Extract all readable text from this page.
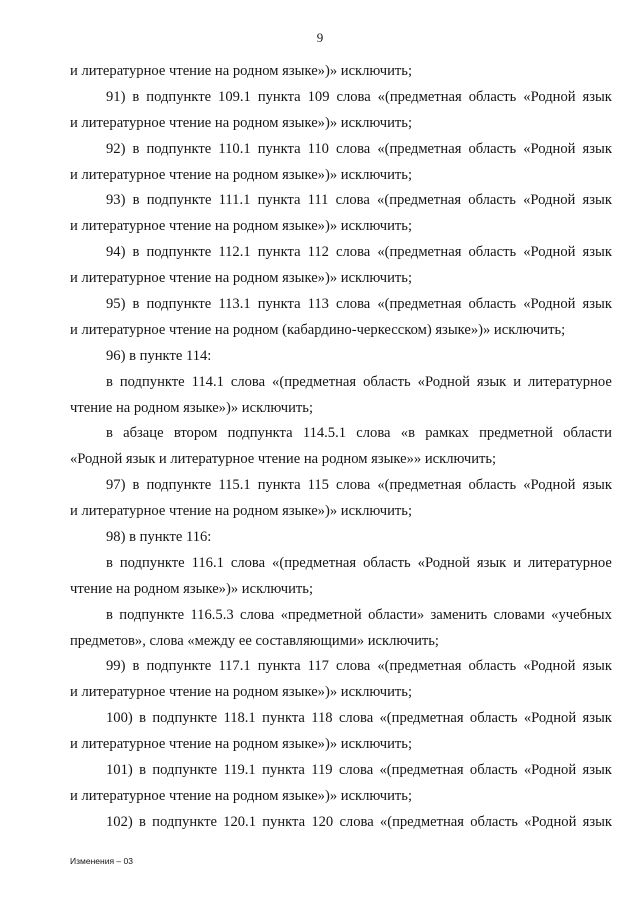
9
и литературное чтение на родном языке»)» исключить;
91) в подпункте 109.1 пункта 109 слова «(предметная область «Родной язык
и литературное чтение на родном языке»)» исключить;
92) в подпункте 110.1 пункта 110 слова «(предметная область «Родной язык
и литературное чтение на родном языке»)» исключить;
93) в подпункте 111.1 пункта 111 слова «(предметная область «Родной язык
и литературное чтение на родном языке»)» исключить;
94) в подпункте 112.1 пункта 112 слова «(предметная область «Родной язык
и литературное чтение на родном языке»)» исключить;
95) в подпункте 113.1 пункта 113 слова «(предметная область «Родной язык
и литературное чтение на родном (кабардино-черкесском) языке»)» исключить;
96) в пункте 114:
в подпункте 114.1 слова «(предметная область «Родной язык и литературное
чтение на родном языке»)» исключить;
в абзаце втором подпункта 114.5.1 слова «в рамках предметной области
«Родной язык и литературное чтение на родном языке»» исключить;
97) в подпункте 115.1 пункта 115 слова «(предметная область «Родной язык
и литературное чтение на родном языке»)» исключить;
98) в пункте 116:
в подпункте 116.1 слова «(предметная область «Родной язык и литературное
чтение на родном языке»)» исключить;
в подпункте 116.5.3 слова «предметной области» заменить словами «учебных
предметов», слова «между ее составляющими» исключить;
99) в подпункте 117.1 пункта 117 слова «(предметная область «Родной язык
и литературное чтение на родном языке»)» исключить;
100) в подпункте 118.1 пункта 118 слова «(предметная область «Родной язык
и литературное чтение на родном языке»)» исключить;
101) в подпункте 119.1 пункта 119 слова «(предметная область «Родной язык
и литературное чтение на родном языке»)» исключить;
102) в подпункте 120.1 пункта 120 слова «(предметная область «Родной язык
Изменения – 03
